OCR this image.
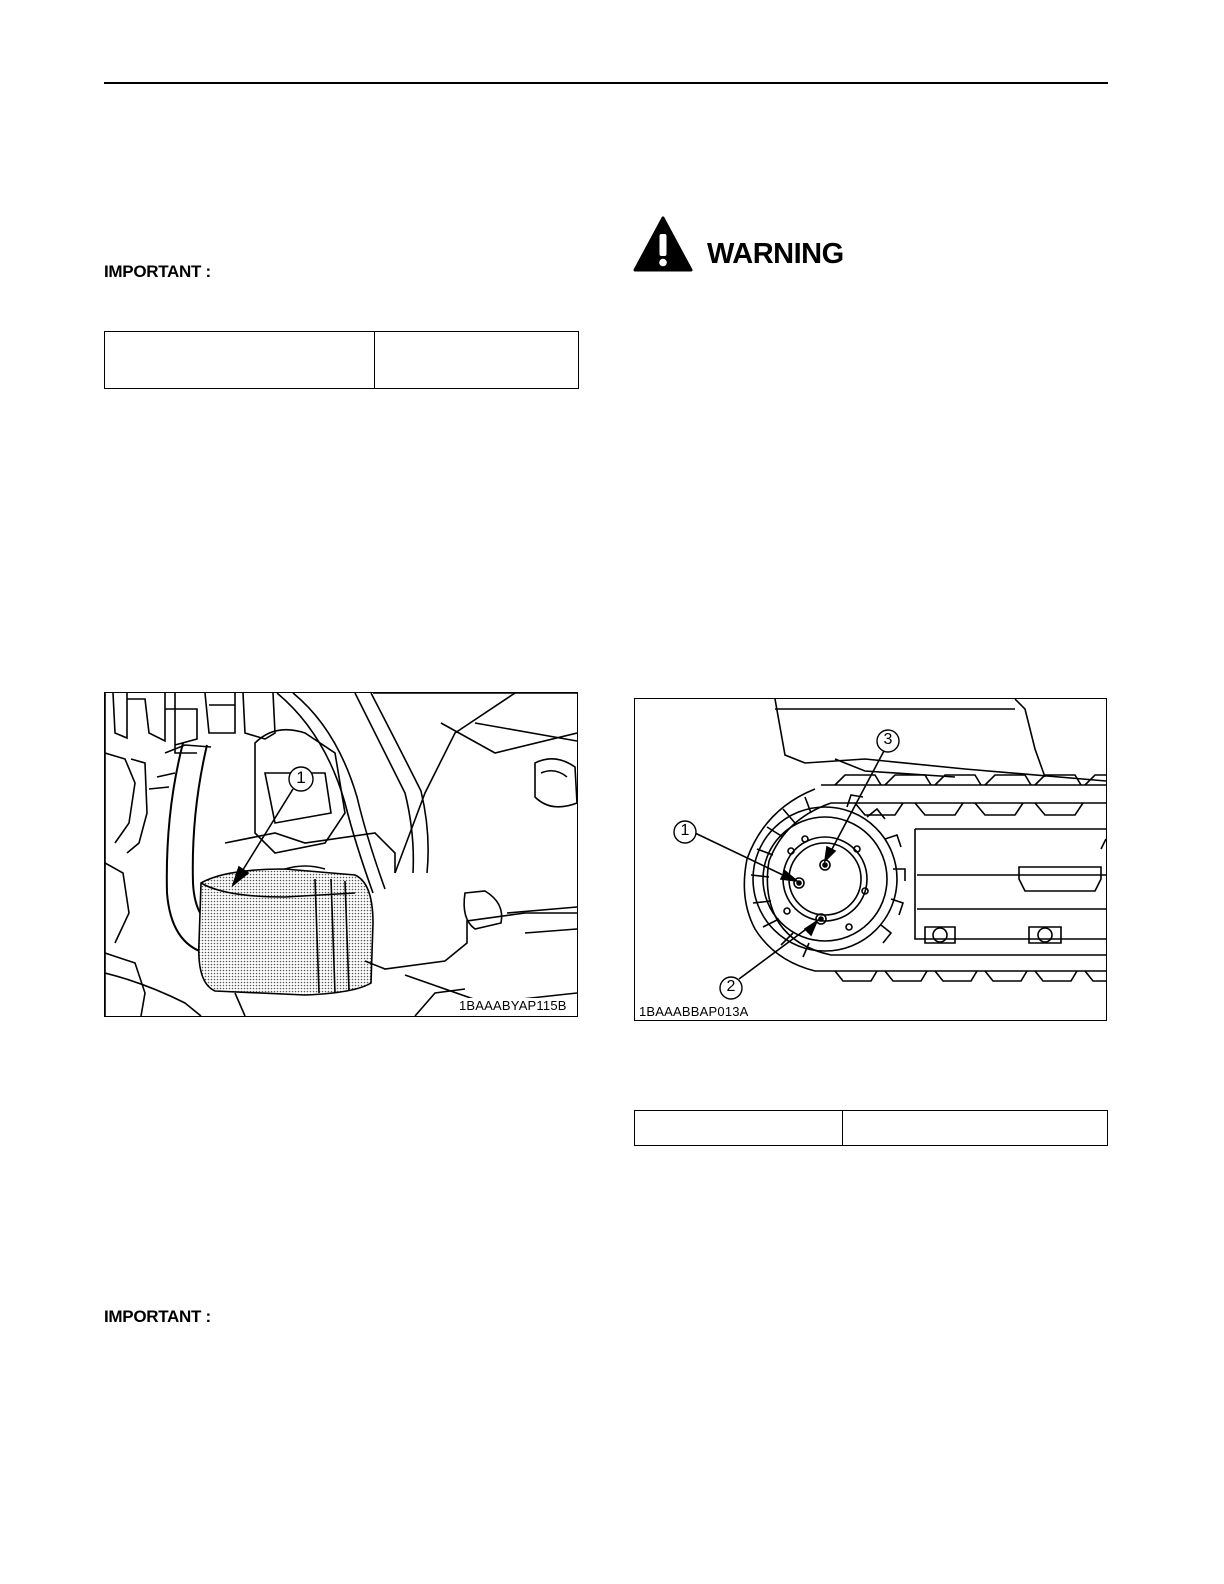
IMPORTANT :

1
1BAAABYAP115B
IMPORTANT :
WARNING
1
2
3
1BAAABBAP013A
